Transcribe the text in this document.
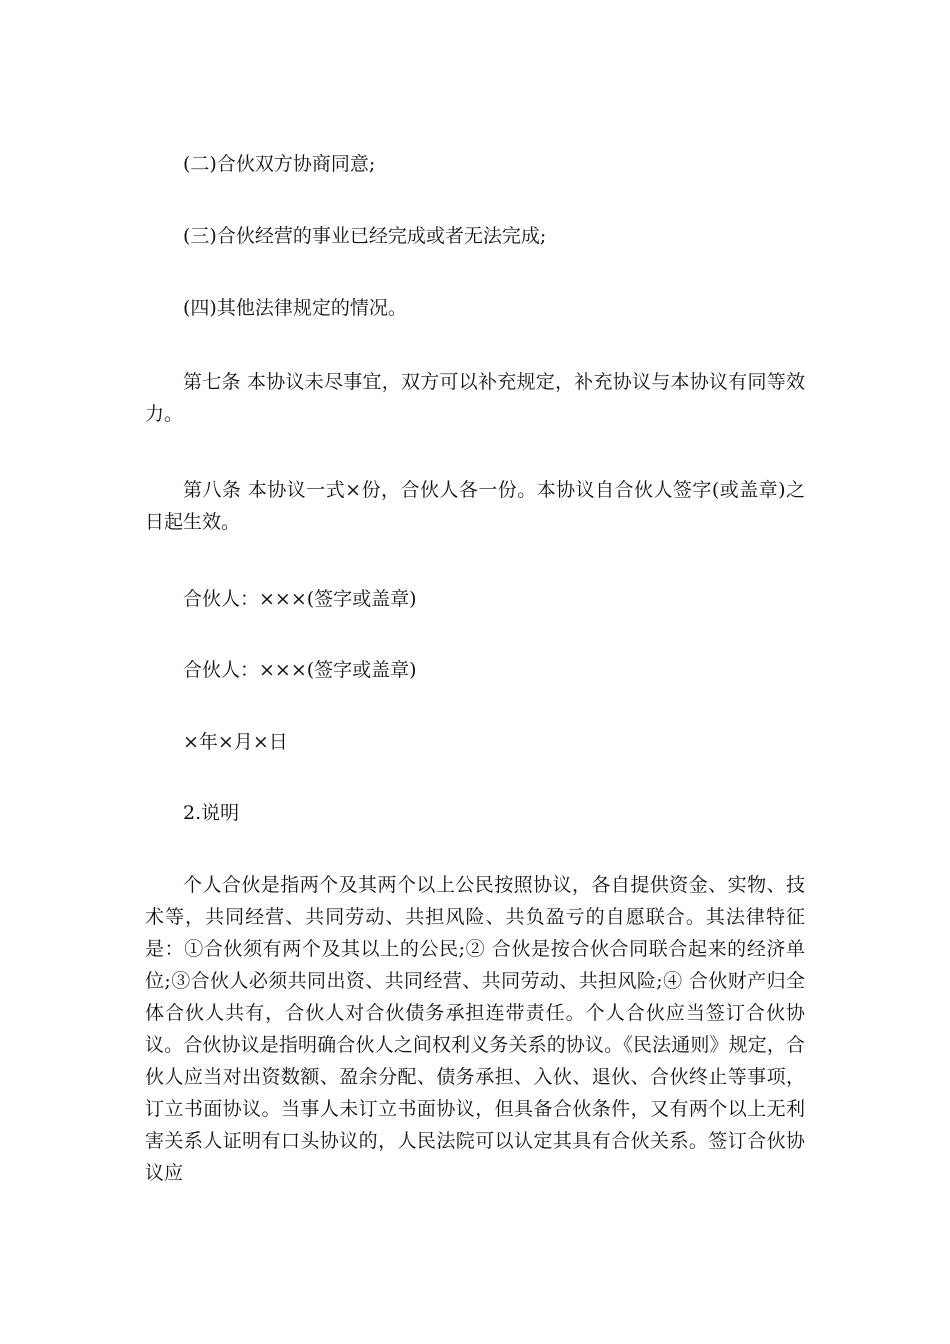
(二)合伙双方协商同意;
(三)合伙经营的事业已经完成或者无法完成;
(四)其他法律规定的情况。
第七条 本协议未尽事宜，双方可以补充规定，补充协议与本协议有同等效力。
第八条 本协议一式×份，合伙人各一份。本协议自合伙人签字(或盖章)之日起生效。
合伙人：×××(签字或盖章)
合伙人：×××(签字或盖章)
×年×月×日
2.说明
个人合伙是指两个及其两个以上公民按照协议，各自提供资金、实物、技术等，共同经营、共同劳动、共担风险、共负盈亏的自愿联合。其法律特征是：①合伙须有两个及其以上的公民;② 合伙是按合伙合同联合起来的经济单位;③合伙人必须共同出资、共同经营、共同劳动、共担风险;④ 合伙财产归全体合伙人共有，合伙人对合伙债务承担连带责任。个人合伙应当签订合伙协议。合伙协议是指明确合伙人之间权利义务关系的协议。《民法通则》规定，合伙人应当对出资数额、盈余分配、债务承担、入伙、退伙、合伙终止等事项，订立书面协议。当事人未订立书面协议，但具备合伙条件，又有两个以上无利害关系人证明有口头协议的，人民法院可以认定其具有合伙关系。签订合伙协议应
